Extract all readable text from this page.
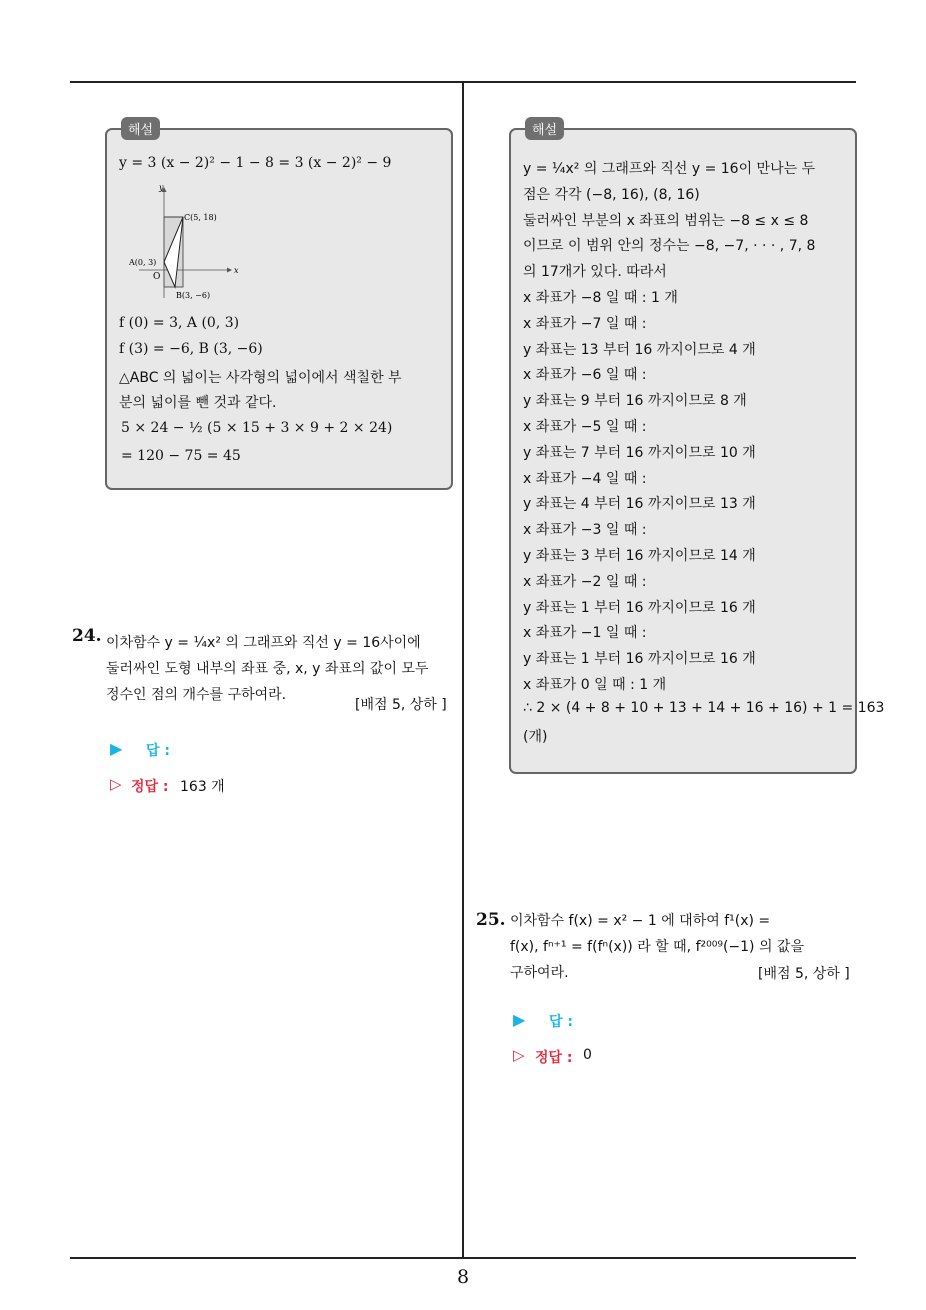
해설
y = 3 (x − 2)² − 1 − 8 = 3 (x − 2)² − 9
y
x
O
A(0, 3)
B(3, −6)
C(5, 18)
f (0) = 3, A (0, 3)
f (3) = −6, B (3, −6)
△ABC 의 넓이는 사각형의 넓이에서 색칠한 부
분의 넓이를 뺀 것과 같다.
5 × 24 − ½ (5 × 15 + 3 × 9 + 2 × 24)
= 120 − 75 = 45
24. 이차함수 y = ¼x² 의 그래프와 직선 y = 16사이에
둘러싸인 도형 내부의 좌표 중, x, y 좌표의 값이 모두
정수인 점의 개수를 구하여라.
[배점 5, 상하 ]
▶ 답 :
▷ 정답 : 163 개
해설
y = ¼x² 의 그래프와 직선 y = 16이 만나는 두
점은 각각 (−8, 16), (8, 16)
둘러싸인 부분의 x 좌표의 범위는 −8 ≤ x ≤ 8
이므로 이 범위 안의 정수는 −8, −7, · · · , 7, 8
의 17개가 있다. 따라서
x 좌표가 −8 일 때 : 1 개
x 좌표가 −7 일 때 :
y 좌표는 13 부터 16 까지이므로 4 개
x 좌표가 −6 일 때 :
y 좌표는 9 부터 16 까지이므로 8 개
x 좌표가 −5 일 때 :
y 좌표는 7 부터 16 까지이므로 10 개
x 좌표가 −4 일 때 :
y 좌표는 4 부터 16 까지이므로 13 개
x 좌표가 −3 일 때 :
y 좌표는 3 부터 16 까지이므로 14 개
x 좌표가 −2 일 때 :
y 좌표는 1 부터 16 까지이므로 16 개
x 좌표가 −1 일 때 :
y 좌표는 1 부터 16 까지이므로 16 개
x 좌표가 0 일 때 : 1 개
∴ 2 × (4 + 8 + 10 + 13 + 14 + 16 + 16) + 1 = 163
(개)
25. 이차함수 f(x) = x² − 1 에 대하여 f¹(x) =
f(x), fⁿ⁺¹ = f(fⁿ(x)) 라 할 때, f²⁰⁰⁹(−1) 의 값을
구하여라.	[배점 5, 상하 ]
▶ 답 :
▷ 정답 : 0
8
